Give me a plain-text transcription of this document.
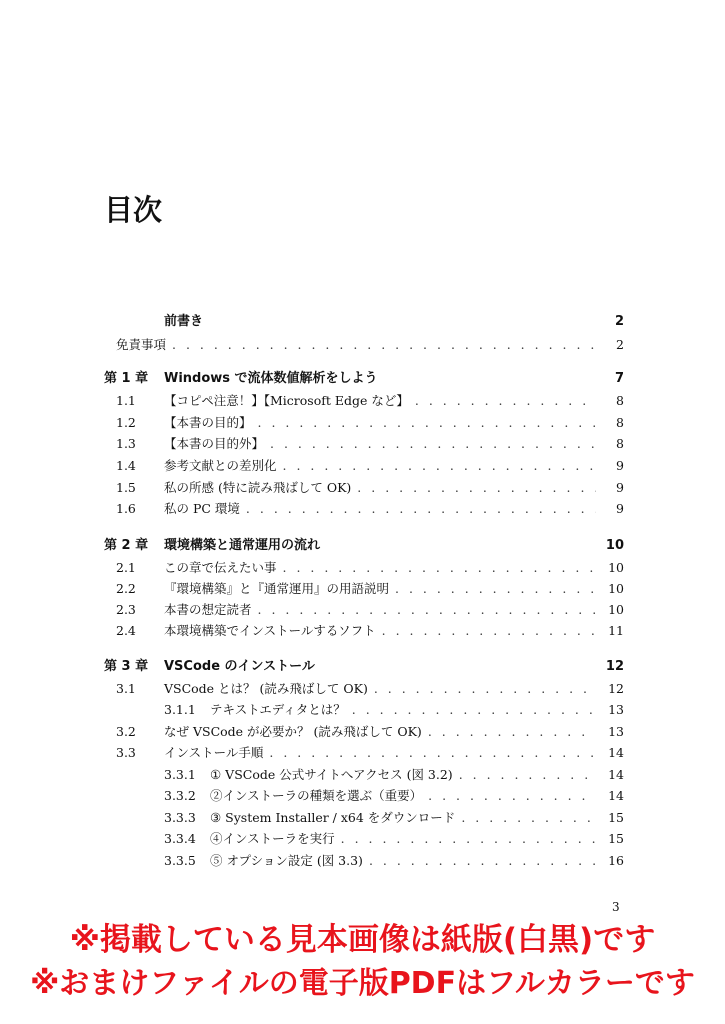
目次
前書き	2
免責事項 . . .	2
第 1 章	Windows で流体数値解析をしよう	7
1.1	【コピペ注意！】【Microsoft Edge など】 . . .	8
1.2	【本書の目的】 . . .	8
1.3	【本書の目的外】 . . .	8
1.4	参考文献との差別化 . . .	9
1.5	私の所感 (特に読み飛ばして OK) . . .	9
1.6	私の PC 環境 . . .	9
第 2 章	環境構築と通常運用の流れ	10
2.1	この章で伝えたい事 . . .	10
2.2	『環境構築』と『通常運用』の用語説明 . . .	10
2.3	本書の想定読者 . . .	10
2.4	本環境構築でインストールするソフト . . .	11
第 3 章	VSCode のインストール	12
3.1	VSCode とは？ (読み飛ばして OK) . . .	12
3.1.1	テキストエディタとは？ . . .	13
3.2	なぜ VSCode が必要か？ (読み飛ばして OK) . . .	13
3.3	インストール手順 . . .	14
3.3.1	① VSCode 公式サイトへアクセス (図 3.2) . . .	14
3.3.2	②インストーラの種類を選ぶ（重要） . . .	14
3.3.3	③ System Installer / x64 をダウンロード . . .	15
3.3.4	④インストーラを実行 . . .	15
3.3.5	⑤ オプション設定 (図 3.3) . . .	16
3

※掲載している見本画像は紙版(白黒)です

※おまけファイルの電子版PDFはフルカラーです
